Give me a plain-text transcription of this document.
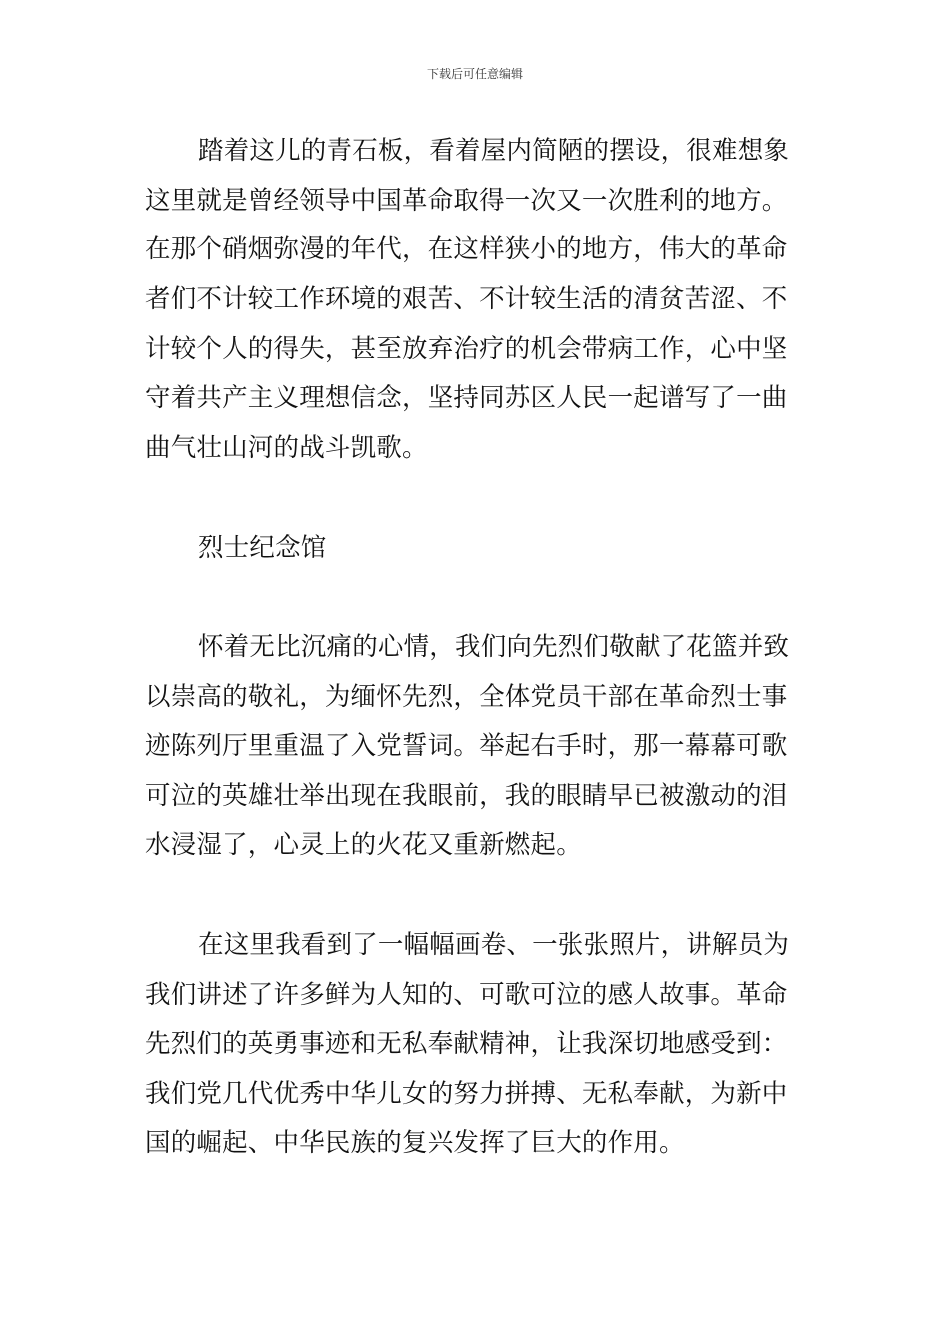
下载后可任意编辑
踏着这儿的青石板，看着屋内简陋的摆设，很难想象
这里就是曾经领导中国革命取得一次又一次胜利的地方。
在那个硝烟弥漫的年代，在这样狭小的地方，伟大的革命
者们不计较工作环境的艰苦、不计较生活的清贫苦涩、不
计较个人的得失，甚至放弃治疗的机会带病工作，心中坚
守着共产主义理想信念，坚持同苏区人民一起谱写了一曲
曲气壮山河的战斗凯歌。
烈士纪念馆
怀着无比沉痛的心情，我们向先烈们敬献了花篮并致
以崇高的敬礼，为缅怀先烈，全体党员干部在革命烈士事
迹陈列厅里重温了入党誓词。举起右手时，那一幕幕可歌
可泣的英雄壮举出现在我眼前，我的眼睛早已被激动的泪
水浸湿了，心灵上的火花又重新燃起。
在这里我看到了一幅幅画卷、一张张照片，讲解员为
我们讲述了许多鲜为人知的、可歌可泣的感人故事。革命
先烈们的英勇事迹和无私奉献精神，让我深切地感受到：
我们党几代优秀中华儿女的努力拼搏、无私奉献，为新中
国的崛起、中华民族的复兴发挥了巨大的作用。
